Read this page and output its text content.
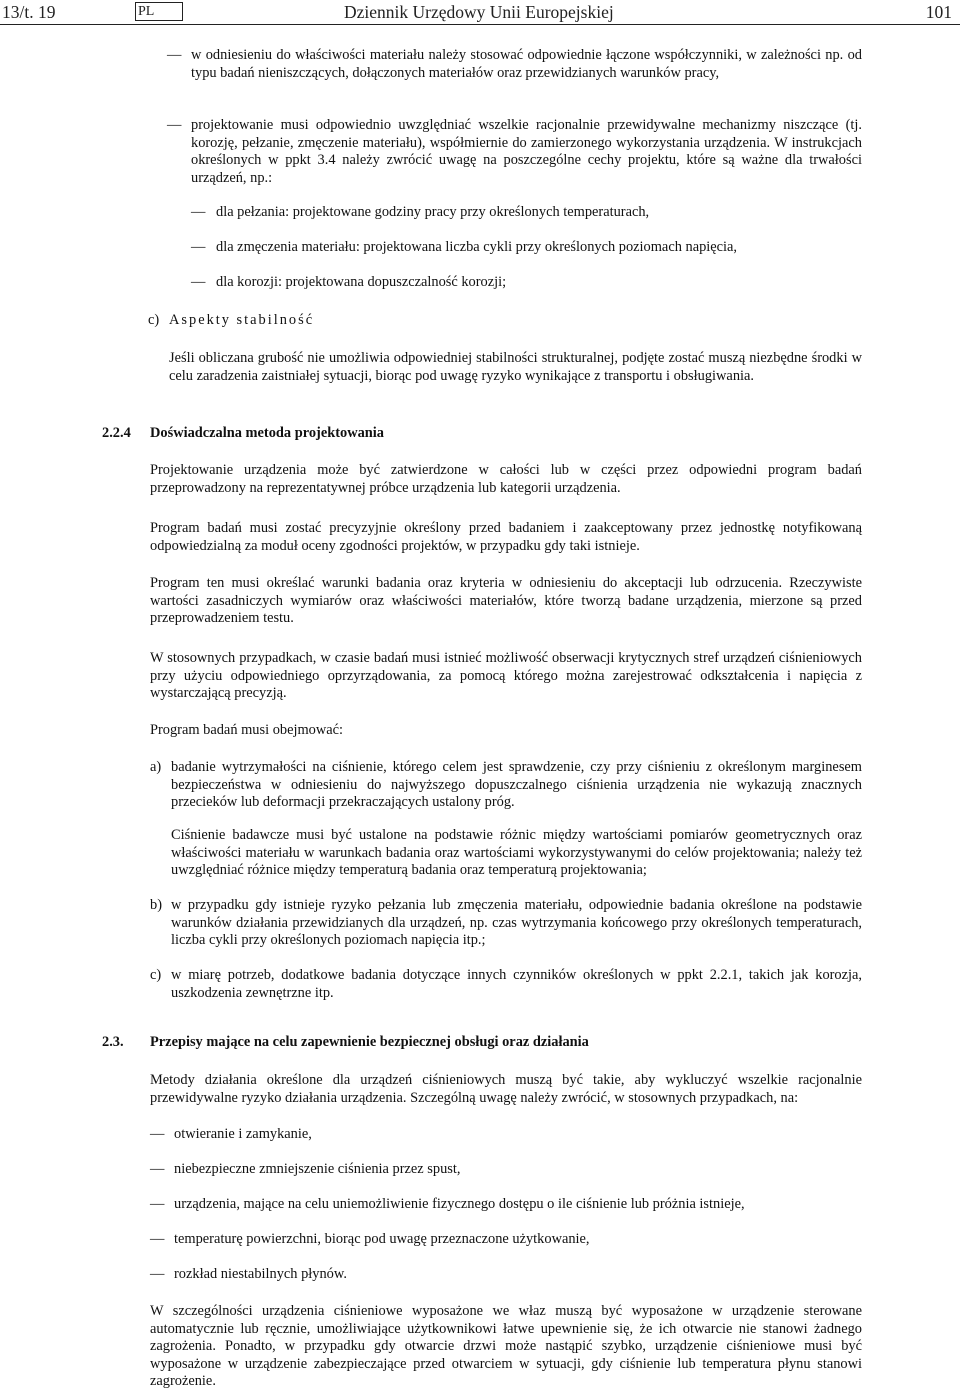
13/t. 19	PL	Dziennik Urzędowy Unii Europejskiej	101
—
w odniesieniu do właściwości materiału należy stosować odpowiednie łączone współczynniki, w zależności np. od typu badań nieniszczących, dołączonych materiałów oraz przewidzianych warunków pracy,
—
projektowanie musi odpowiednio uwzględniać wszelkie racjonalnie przewidywalne mechanizmy niszczące (tj. korozję, pełzanie, zmęczenie materiału), współmiernie do zamierzonego wykorzystania urządzenia. W instrukcjach określonych w ppkt 3.4 należy zwrócić uwagę na poszczególne cechy projektu, które są ważne dla trwałości urządzeń, np.:
—
dla pełzania: projektowane godziny pracy przy określonych temperaturach,
—
dla zmęczenia materiału: projektowana liczba cykli przy określonych poziomach napięcia,
—
dla korozji: projektowana dopuszczalność korozji;
c) Aspekty stabilność
Jeśli obliczana grubość nie umożliwia odpowiedniej stabilności strukturalnej, podjęte zostać muszą niezbędne środki w celu zaradzenia zaistniałej sytuacji, biorąc pod uwagę ryzyko wynikające z transportu i obsługiwania.
2.2.4 Doświadczalna metoda projektowania
Projektowanie urządzenia może być zatwierdzone w całości lub w części przez odpowiedni program badań przeprowadzony na reprezentatywnej próbce urządzenia lub kategorii urządzenia.
Program badań musi zostać precyzyjnie określony przed badaniem i zaakceptowany przez jednostkę notyfikowaną odpowiedzialną za moduł oceny zgodności projektów, w przypadku gdy taki istnieje.
Program ten musi określać warunki badania oraz kryteria w odniesieniu do akceptacji lub odrzucenia. Rzeczywiste wartości zasadniczych wymiarów oraz właściwości materiałów, które tworzą badane urządzenia, mierzone są przed przeprowadzeniem testu.
W stosownych przypadkach, w czasie badań musi istnieć możliwość obserwacji krytycznych stref urządzeń ciśnieniowych przy użyciu odpowiedniego oprzyrządowania, za pomocą którego można zarejestrować odkształcenia i napięcia z wystarczającą precyzją.
Program badań musi obejmować:
a) badanie wytrzymałości na ciśnienie, którego celem jest sprawdzenie, czy przy ciśnieniu z określonym marginesem bezpieczeństwa w odniesieniu do najwyższego dopuszczalnego ciśnienia urządzenia nie wykazują znacznych przecieków lub deformacji przekraczających ustalony próg.
Ciśnienie badawcze musi być ustalone na podstawie różnic między wartościami pomiarów geometrycznych oraz właściwości materiału w warunkach badania oraz wartościami wykorzystywanymi do celów projektowania; należy też uwzględniać różnice między temperaturą badania oraz temperaturą projektowania;
b) w przypadku gdy istnieje ryzyko pełzania lub zmęczenia materiału, odpowiednie badania określone na podstawie warunków działania przewidzianych dla urządzeń, np. czas wytrzymania końcowego przy określonych temperaturach, liczba cykli przy określonych poziomach napięcia itp.;
c) w miarę potrzeb, dodatkowe badania dotyczące innych czynników określonych w ppkt 2.2.1, takich jak korozja, uszkodzenia zewnętrzne itp.
2.3. Przepisy mające na celu zapewnienie bezpiecznej obsługi oraz działania
Metody działania określone dla urządzeń ciśnieniowych muszą być takie, aby wykluczyć wszelkie racjonalnie przewidywalne ryzyko działania urządzenia. Szczególną uwagę należy zwrócić, w stosownych przypadkach, na:
—
otwieranie i zamykanie,
—
niebezpieczne zmniejszenie ciśnienia przez spust,
—
urządzenia, mające na celu uniemożliwienie fizycznego dostępu o ile ciśnienie lub próżnia istnieje,
—
temperaturę powierzchni, biorąc pod uwagę przeznaczone użytkowanie,
—
rozkład niestabilnych płynów.
W szczególności urządzenia ciśnieniowe wyposażone we właz muszą być wyposażone w urządzenie sterowane automatycznie lub ręcznie, umożliwiające użytkownikowi łatwe upewnienie się, że ich otwarcie nie stanowi żadnego zagrożenia. Ponadto, w przypadku gdy otwarcie drzwi może nastąpić szybko, urządzenie ciśnieniowe musi być wyposażone w urządzenie zabezpieczające przed otwarciem w sytuacji, gdy ciśnienie lub temperatura płynu stanowi zagrożenie.
